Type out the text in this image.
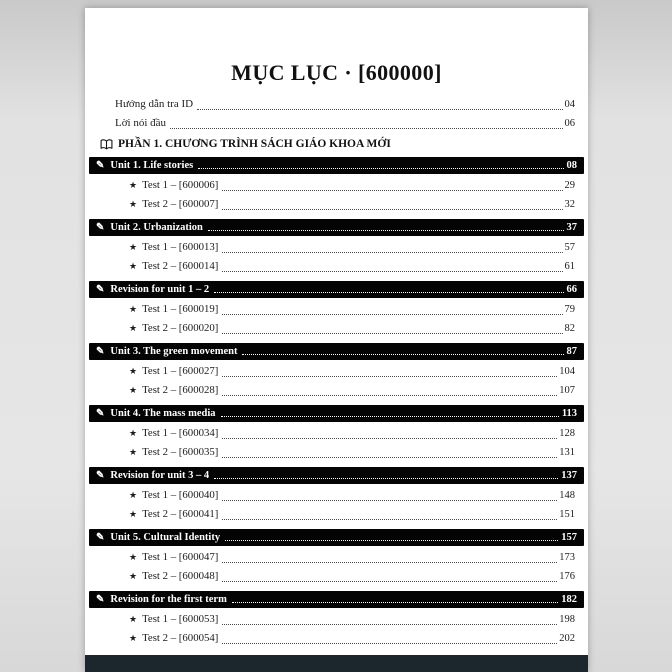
MỤC LỤC · [600000]
Hướng dẫn tra ID	04
Lời nói đầu	06
PHẦN 1. CHƯƠNG TRÌNH SÁCH GIÁO KHOA MỚI
✎ Unit 1. Life stories	08
★ Test 1 – [600006]	29
★ Test 2 – [600007]	32
✎ Unit 2. Urbanization	37
★ Test 1 – [600013]	57
★ Test 2 – [600014]	61
✎ Revision for unit 1 – 2	66
★ Test 1 – [600019]	79
★ Test 2 – [600020]	82
✎ Unit 3. The green movement	87
★ Test 1 – [600027]	104
★ Test 2 – [600028]	107
✎ Unit 4. The mass media	113
★ Test 1 – [600034]	128
★ Test 2 – [600035]	131
✎ Revision for unit 3 – 4	137
★ Test 1 – [600040]	148
★ Test 2 – [600041]	151
✎ Unit 5. Cultural Identity	157
★ Test 1 – [600047]	173
★ Test 2 – [600048]	176
✎ Revision for the first term	182
★ Test 1 – [600053]	198
★ Test 2 – [600054]	202
